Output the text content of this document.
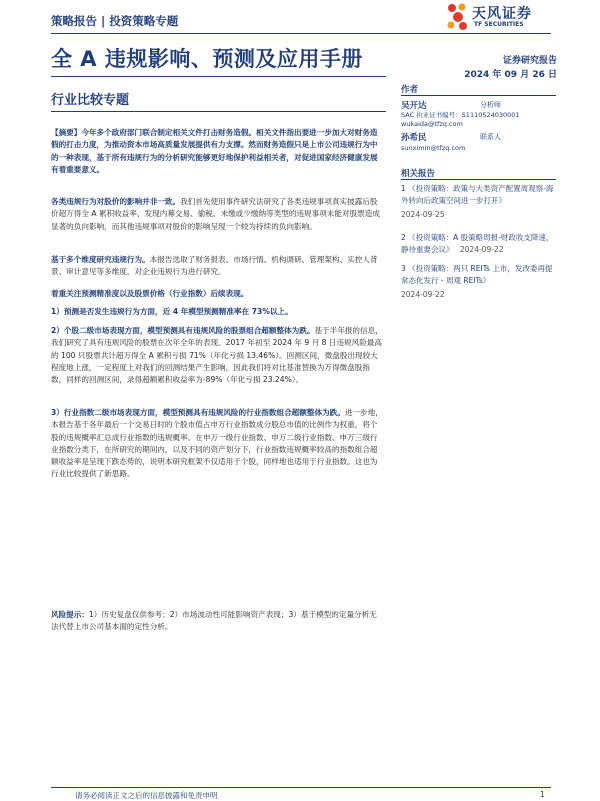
策略报告 | 投资策略专题	天风证券
TF SECURITIES
全 A 违规影响、预测及应用手册
行业比较专题
证券研究报告
2024 年 09 月 26 日
作者
吴开达	分析师
SAC 执业证书编号：S1110524030001
wukaida@tfzq.com
孙希民	联系人
sunximin@tfzq.com
相关报告
1 《投资策略：政策与大类资产配置周观察-海外转向后政策空间进一步打开》
2024-09-25
2 《投资策略：A 股策略周报-财政收支降速，静待重要会议》 2024-09-22
3 《投资策略：两只 REITs 上市，发改委再提常态化发行 - 周观 REITs》
2024-09-22
【摘要】今年多个政府部门联合制定相关文件打击财务造假。相关文件指出要进一步加大对财务造假的打击力度，为推动资本市场高质量发展提供有力支撑。然而财务造假只是上市公司违规行为中的一种表现，基于所有违规行为的分析研究能够更好地保护利益相关者，对促进国家经济健康发展有着重要意义。
各类违规行为对股价的影响并非一致。我们首先使用事件研究法研究了各类违规事项真实披露后股价超万得全 A 累积收益率，发现内幕交易、偷税、未缴或少缴纳等类型的违规事项未能对股票造成显著的负向影响，而其他违规事项对股价的影响呈现一个较为持续的负向影响。
基于多个维度研究违规行为。本报告选取了财务报表、市场行情、机构调研、管理架构、实控人背景、审计意见等多维度，对企业违规行为进行研究。
着重关注预测精准度以及股票价格（行业指数）后续表现。
1）预测是否发生违规行为方面，近 4 年模型预测精准率在 73%以上。
2）个股二级市场表现方面，模型预测具有违规风险的股票组合超额整体为跌。基于半年报的信息，我们研究了具有违规风险的股票在次年全年的表现。2017 年初至 2024 年 9 月 8 日违规风险最高的 100 只股票共计超万得全 A 累积亏损 71%（年化亏损 13.46%）。回测区间，微盘股出现较大程度地上涨，一定程度上对我们的回测结果产生影响，因此我们将对比基准替换为万得微盘股指数，同样的回测区间，录得超额累积收益率为-89%（年化亏损 23.24%）。
3）行业指数二级市场表现方面，模型预测具有违规风险的行业指数组合超额整体为跌。进一步地，本报告基于各年最后一个交易日时的个股市值占申万行业指数成分股总市值的比例作为权重，将个股的违规概率汇总成行业指数的违规概率。在申万一级行业指数、申万二级行业指数、申万三级行业指数分类下，在所研究的期间内，以及不同的资产划分下，行业指数违规概率较高的指数组合超额收益率是呈现下跌态势的，说明本研究框架不仅适用于个股，同样地也适用于行业指数。这也为行业比较提供了新思路。
风险提示：1）历史复盘仅供参考；2）市场波动性可能影响资产表现；3）基于模型的定量分析无法代替上市公司基本面的定性分析。
请务必阅读正文之后的信息披露和免责申明	1
